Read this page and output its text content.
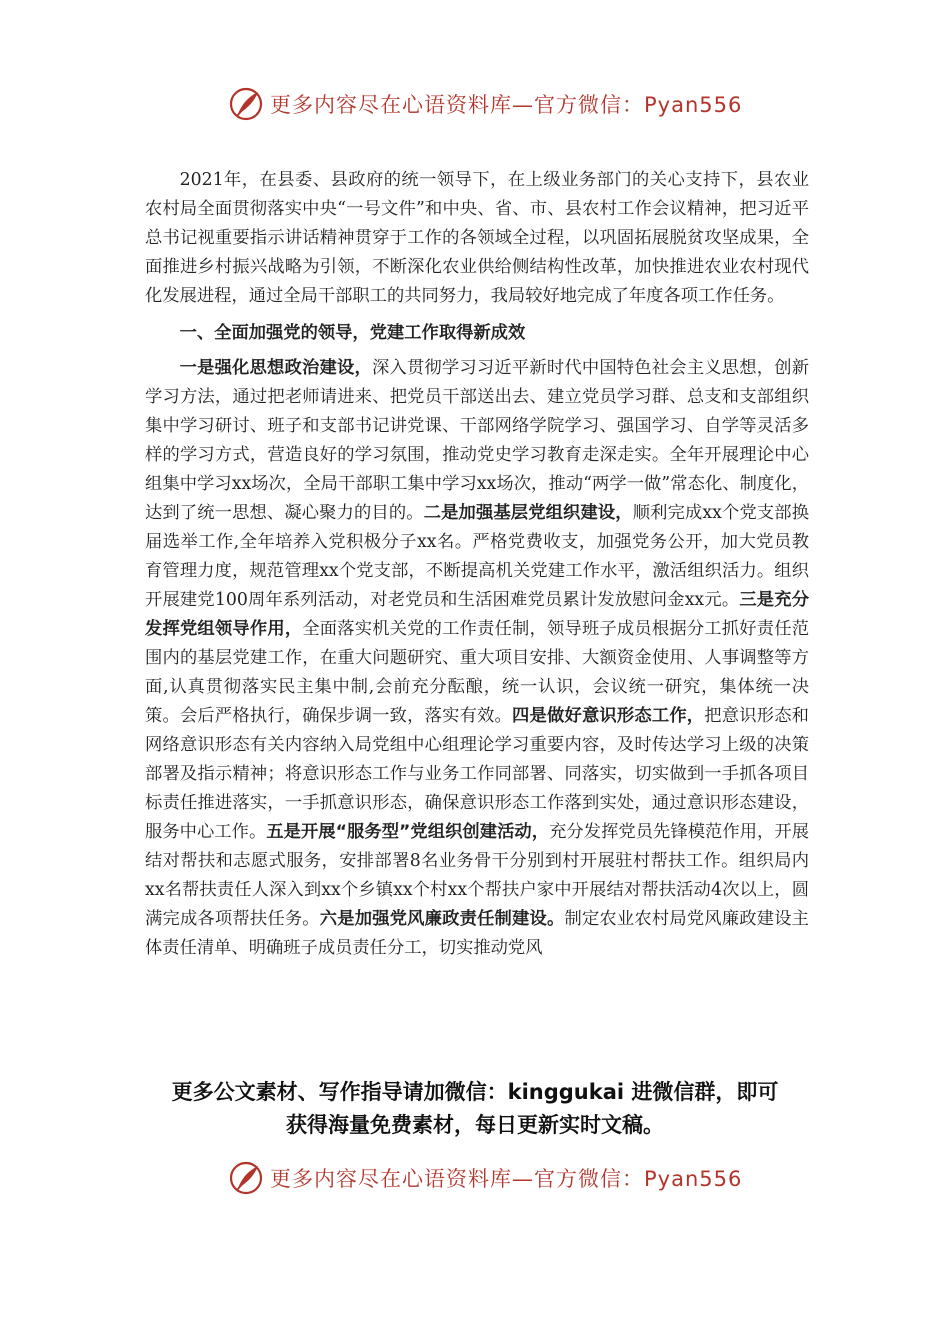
更多内容尽在心语资料库—官方微信：Pyan556

2021年，在县委、县政府的统一领导下，在上级业务部门的关心支持下，县农业农村局全面贯彻落实中央“一号文件”和中央、省、市、县农村工作会议精神，把习近平总书记视重要指示讲话精神贯穿于工作的各领域全过程，以巩固拓展脱贫攻坚成果，全面推进乡村振兴战略为引领，不断深化农业供给侧结构性改革，加快推进农业农村现代化发展进程，通过全局干部职工的共同努力，我局较好地完成了年度各项工作任务。

一、全面加强党的领导，党建工作取得新成效

一是强化思想政治建设，深入贯彻学习习近平新时代中国特色社会主义思想，创新学习方法，通过把老师请进来、把党员干部送出去、建立党员学习群、总支和支部组织集中学习研讨、班子和支部书记讲党课、干部网络学院学习、强国学习、自学等灵活多样的学习方式，营造良好的学习氛围，推动党史学习教育走深走实。全年开展理论中心组集中学习xx场次，全局干部职工集中学习xx场次，推动“两学一做”常态化、制度化，达到了统一思想、凝心聚力的目的。二是加强基层党组织建设，顺利完成xx个党支部换届选举工作,全年培养入党积极分子xx名。严格党费收支，加强党务公开，加大党员教育管理力度，规范管理xx个党支部，不断提高机关党建工作水平，激活组织活力。组织开展建党100周年系列活动，对老党员和生活困难党员累计发放慰问金xx元。三是充分发挥党组领导作用，全面落实机关党的工作责任制，领导班子成员根据分工抓好责任范围内的基层党建工作，在重大问题研究、重大项目安排、大额资金使用、人事调整等方面,认真贯彻落实民主集中制,会前充分酝酿，统一认识，会议统一研究，集体统一决策。会后严格执行，确保步调一致，落实有效。四是做好意识形态工作，把意识形态和网络意识形态有关内容纳入局党组中心组理论学习重要内容，及时传达学习上级的决策部署及指示精神；将意识形态工作与业务工作同部署、同落实，切实做到一手抓各项目标责任推进落实，一手抓意识形态，确保意识形态工作落到实处，通过意识形态建设，服务中心工作。五是开展“服务型”党组织创建活动，充分发挥党员先锋模范作用，开展结对帮扶和志愿式服务，安排部署8名业务骨干分别到村开展驻村帮扶工作。组织局内xx名帮扶责任人深入到xx个乡镇xx个村xx个帮扶户家中开展结对帮扶活动4次以上，圆满完成各项帮扶任务。六是加强党风廉政责任制建设。制定农业农村局党风廉政建设主体责任清单、明确班子成员责任分工，切实推动党风

更多公文素材、写作指导请加微信：kinggukai 进微信群，即可
获得海量免费素材，每日更新实时文稿。
更多内容尽在心语资料库—官方微信：Pyan556
